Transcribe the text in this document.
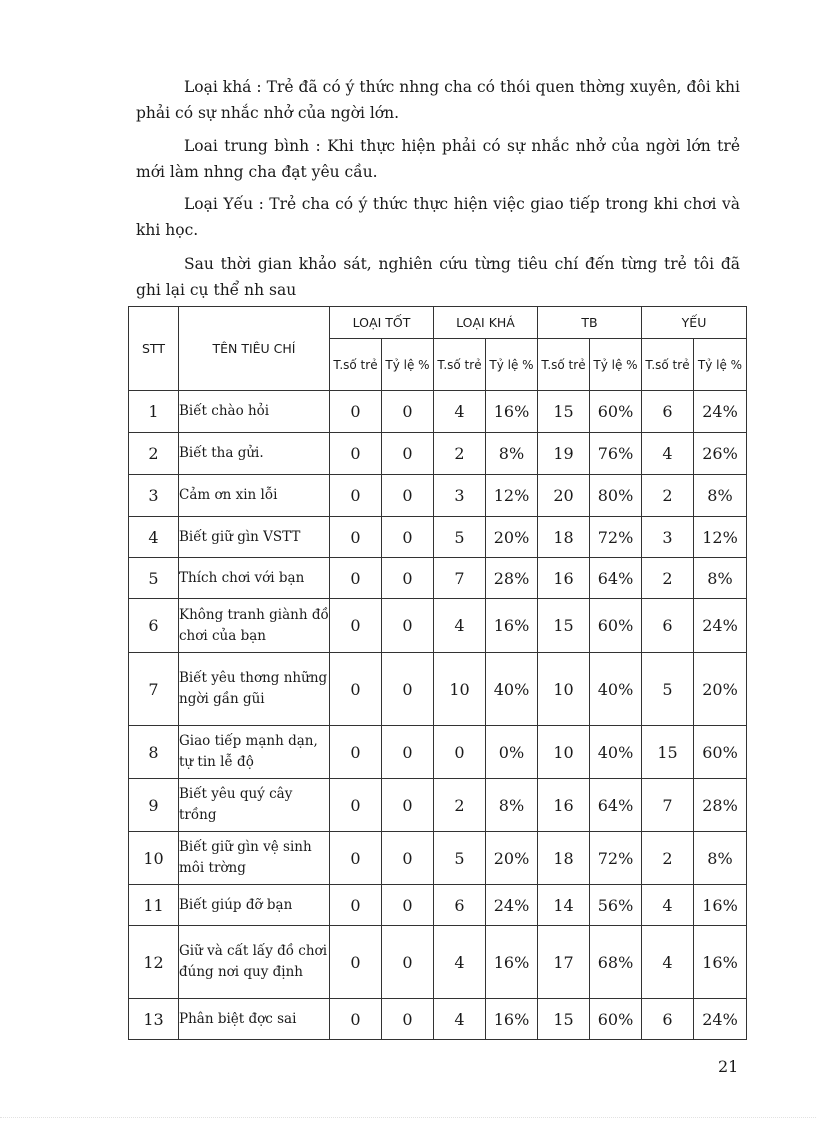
Loại khá : Trẻ đã có ý thức nhng cha có thói quen thờng xuyên, đôi khi phải có sự nhắc nhở của ngời lớn.

Loai trung bình : Khi thực hiện phải có sự nhắc nhở của ngời lớn trẻ mới làm nhng cha đạt yêu cầu.

Loại Yếu : Trẻ cha có ý thức thực hiện việc giao tiếp trong khi chơi và khi học.

Sau thời gian khảo sát, nghiên cứu từng tiêu chí đến từng trẻ tôi đã ghi lại cụ thể nh sau

STT	TÊN TIÊU CHÍ	LOẠI TỐT		LOẠI KHÁ		TB		YẾU	
		T.số trẻ	Tỷ lệ %	T.số trẻ	Tỷ lệ %	T.số trẻ	Tỷ lệ %	T.số trẻ	Tỷ lệ %
1	Biết chào hỏi	0	0	4	16%	15	60%	6	24%
2	Biết tha gửi.	0	0	2	8%	19	76%	4	26%
3	Cảm ơn xin lỗi	0	0	3	12%	20	80%	2	8%
4	Biết giữ gìn VSTT	0	0	5	20%	18	72%	3	12%
5	Thích chơi với bạn	0	0	7	28%	16	64%	2	8%
6	Không tranh giành đồ chơi của bạn	0	0	4	16%	15	60%	6	24%
7	Biết yêu thơng những ngời gần gũi	0	0	10	40%	10	40%	5	20%
8	Giao tiếp mạnh dạn, tự tin lễ độ	0	0	0	0%	10	40%	15	60%
9	Biết yêu quý cây trồng	0	0	2	8%	16	64%	7	28%
10	Biết giữ gìn vệ sinh môi trờng	0	0	5	20%	18	72%	2	8%
11	Biết giúp đỡ bạn	0	0	6	24%	14	56%	4	16%
12	Giữ và cất lấy đồ chơi đúng nơi quy định	0	0	4	16%	17	68%	4	16%
13	Phân biệt đợc sai	0	0	4	16%	15	60%	6	24%
21
